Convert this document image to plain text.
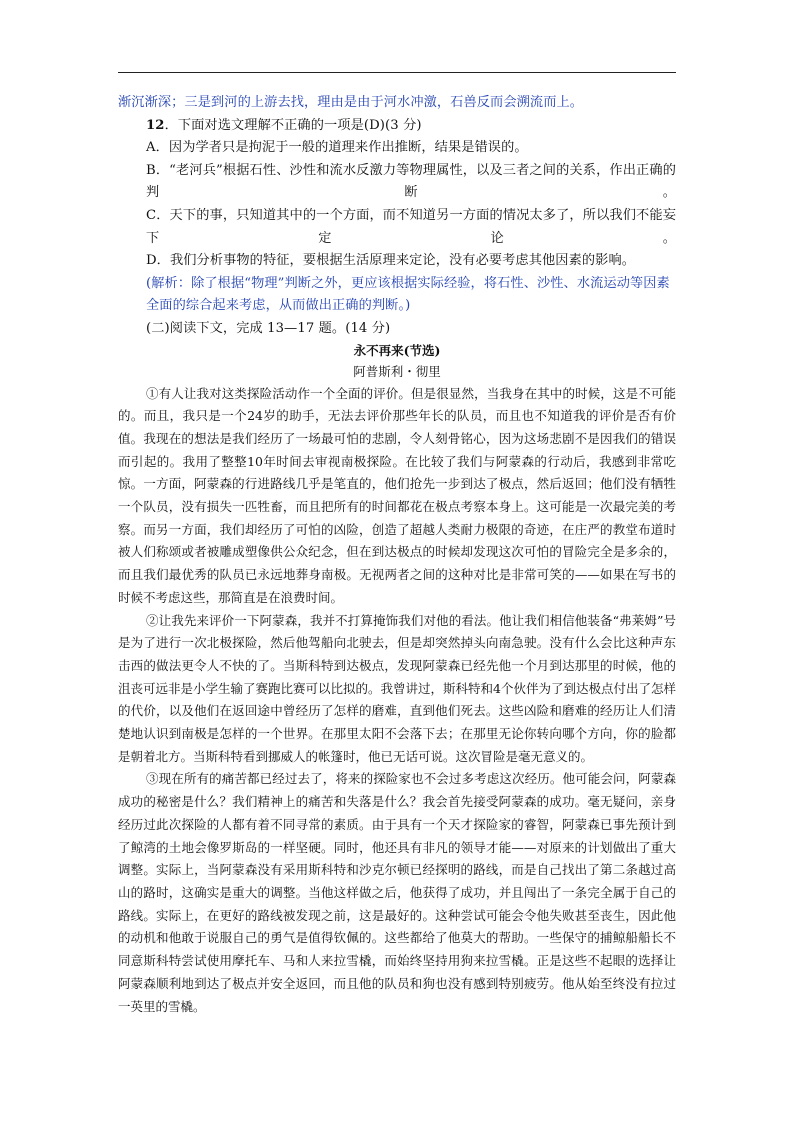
渐沉渐深；三是到河的上游去找，理由是由于河水冲激，石兽反而会溯流而上。
12．下面对选文理解不正确的一项是(D)(3 分)
A．因为学者只是拘泥于一般的道理来作出推断，结果是错误的。
B．“老河兵”根据石性、沙性和流水反激力等物理属性，以及三者之间的关系，作出正确的判断。
C．天下的事，只知道其中的一个方面，而不知道另一方面的情况太多了，所以我们不能妄下定论。
D．我们分析事物的特征，要根据生活原理来定论，没有必要考虑其他因素的影响。
(解析：除了根据“物理”判断之外，更应该根据实际经验，将石性、沙性、水流运动等因素全面的综合起来考虑，从而做出正确的判断。)
(二)阅读下文，完成 13—17 题。(14 分)
永不再来(节选)
阿普斯利・彻里

①有人让我对这类探险活动作一个全面的评价。但是很显然，当我身在其中的时候，这是不可能的。而且，我只是一个24岁的助手，无法去评价那些年长的队员，而且也不知道我的评价是否有价值。我现在的想法是我们经历了一场最可怕的悲剧，令人刻骨铭心，因为这场悲剧不是因我们的错误而引起的。我用了整整10年时间去审视南极探险。在比较了我们与阿蒙森的行动后，我感到非常吃惊。一方面，阿蒙森的行进路线几乎是笔直的，他们抢先一步到达了极点，然后返回；他们没有牺牲一个队员，没有损失一匹牲畜，而且把所有的时间都花在极点考察本身上。这可能是一次最完美的考察。而另一方面，我们却经历了可怕的凶险，创造了超越人类耐力极限的奇迹，在庄严的教堂布道时被人们称颂或者被雕成塑像供公众纪念，但在到达极点的时候却发现这次可怕的冒险完全是多余的，而且我们最优秀的队员已永远地葬身南极。无视两者之间的这种对比是非常可笑的——如果在写书的时候不考虑这些，那简直是在浪费时间。

②让我先来评价一下阿蒙森，我并不打算掩饰我们对他的看法。他让我们相信他装备“弗莱姆”号是为了进行一次北极探险，然后他驾船向北驶去，但是却突然掉头向南急驶。没有什么会比这种声东击西的做法更令人不快的了。当斯科特到达极点，发现阿蒙森已经先他一个月到达那里的时候，他的沮丧可远非是小学生输了赛跑比赛可以比拟的。我曾讲过，斯科特和4个伙伴为了到达极点付出了怎样的代价，以及他们在返回途中曾经历了怎样的磨难，直到他们死去。这些凶险和磨难的经历让人们清楚地认识到南极是怎样的一个世界。在那里太阳不会落下去；在那里无论你转向哪个方向，你的脸都是朝着北方。当斯科特看到挪威人的帐篷时，他已无话可说。这次冒险是毫无意义的。

③现在所有的痛苦都已经过去了，将来的探险家也不会过多考虑这次经历。他可能会问，阿蒙森成功的秘密是什么？我们精神上的痛苦和失落是什么？我会首先接受阿蒙森的成功。毫无疑问，亲身经历过此次探险的人都有着不同寻常的素质。由于具有一个天才探险家的睿智，阿蒙森已事先预计到了鲸湾的土地会像罗斯岛的一样坚硬。同时，他还具有非凡的领导才能——对原来的计划做出了重大调整。实际上，当阿蒙森没有采用斯科特和沙克尔顿已经探明的路线，而是自己找出了第二条越过高山的路时，这确实是重大的调整。当他这样做之后，他获得了成功，并且闯出了一条完全属于自己的路线。实际上，在更好的路线被发现之前，这是最好的。这种尝试可能会令他失败甚至丧生，因此他的动机和他敢于说服自己的勇气是值得钦佩的。这些都给了他莫大的帮助。一些保守的捕鲸船船长不同意斯科特尝试使用摩托车、马和人来拉雪橇，而始终坚持用狗来拉雪橇。正是这些不起眼的选择让阿蒙森顺利地到达了极点并安全返回，而且他的队员和狗也没有感到特别疲劳。他从始至终没有拉过一英里的雪橇。
